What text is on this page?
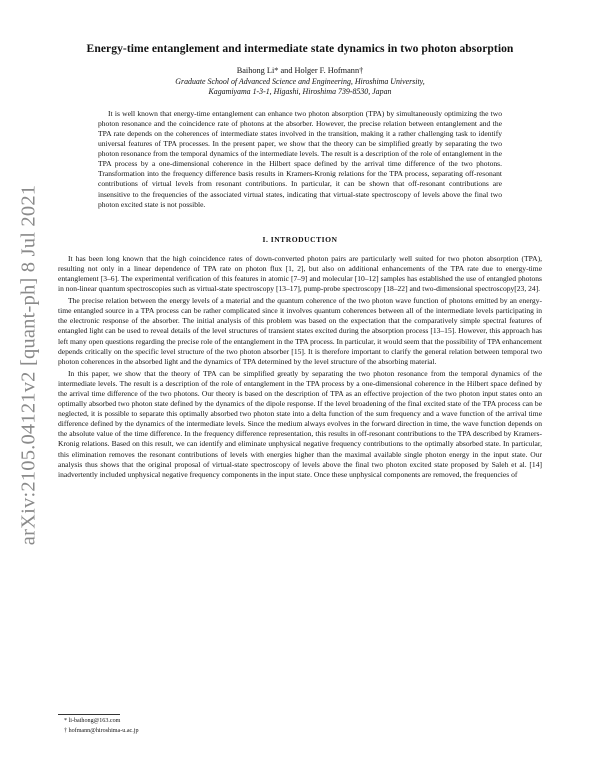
arXiv:2105.04121v2 [quant-ph] 8 Jul 2021
Energy-time entanglement and intermediate state dynamics in two photon absorption
Baihong Li* and Holger F. Hofmann†
Graduate School of Advanced Science and Engineering, Hiroshima University,
Kagamiyama 1-3-1, Higashi, Hiroshima 739-8530, Japan
It is well known that energy-time entanglement can enhance two photon absorption (TPA) by simultaneously optimizing the two photon resonance and the coincidence rate of photons at the absorber. However, the precise relation between entanglement and the TPA rate depends on the coherences of intermediate states involved in the transition, making it a rather challenging task to identify universal features of TPA processes. In the present paper, we show that the theory can be simplified greatly by separating the two photon resonance from the temporal dynamics of the intermediate levels. The result is a description of the role of entanglement in the TPA process by a one-dimensional coherence in the Hilbert space defined by the arrival time difference of the two photons. Transformation into the frequency difference basis results in Kramers-Kronig relations for the TPA process, separating off-resonant contributions of virtual levels from resonant contributions. In particular, it can be shown that off-resonant contributions are insensitive to the frequencies of the associated virtual states, indicating that virtual-state spectroscopy of levels above the final two photon excited state is not possible.
I. INTRODUCTION

It has been long known that the high coincidence rates of down-converted photon pairs are particularly well suited for two photon absorption (TPA), resulting not only in a linear dependence of TPA rate on photon flux [1, 2], but also on additional enhancements of the TPA rate due to energy-time entanglement [3–6]. The experimental verification of this features in atomic [7–9] and molecular [10–12] samples has established the use of entangled photons in non-linear quantum spectroscopies such as virtual-state spectroscopy [13–17], pump-probe spectroscopy [18–22] and two-dimensional spectroscopy[23, 24].

The precise relation between the energy levels of a material and the quantum coherence of the two photon wave function of photons emitted by an energy-time entangled source in a TPA process can be rather complicated since it involves quantum coherences between all of the intermediate levels participating in the electronic response of the absorber. The initial analysis of this problem was based on the expectation that the comparatively simple spectral features of entangled light can be used to reveal details of the level structures of transient states excited during the absorption process [13–15]. However, this approach has left many open questions regarding the precise role of the entanglement in the TPA process. In particular, it would seem that the possibility of TPA enhancement depends critically on the specific level structure of the two photon absorber [15]. It is therefore important to clarify the general relation between temporal two photon coherences in the absorbed light and the dynamics of TPA determined by the level structure of the absorbing material.

In this paper, we show that the theory of TPA can be simplified greatly by separating the two photon resonance from the temporal dynamics of the intermediate levels. The result is a description of the role of entanglement in the TPA process by a one-dimensional coherence in the Hilbert space defined by the arrival time difference of the two photons. Our theory is based on the description of TPA as an effective projection of the two photon input states onto an optimally absorbed two photon state defined by the dynamics of the dipole response. If the level broadening of the final excited state of the TPA process can be neglected, it is possible to separate this optimally absorbed two photon state into a delta function of the sum frequency and a wave function of the arrival time difference defined by the dynamics of the intermediate levels. Since the medium always evolves in the forward direction in time, the wave function depends on the absolute value of the time difference. In the frequency difference representation, this results in off-resonant contributions to the TPA described by Kramers-Kronig relations. Based on this result, we can identify and eliminate unphysical negative frequency contributions to the optimally absorbed state. In particular, this elimination removes the resonant contributions of levels with energies higher than the maximal available single photon energy in the input state. Our analysis thus shows that the original proposal of virtual-state spectroscopy of levels above the final two photon excited state proposed by Saleh et al. [14] inadvertently included unphysical negative frequency components in the input state. Once these unphysical components are removed, the frequencies of

* li-baihong@163.com
† hofmann@hiroshima-u.ac.jp
